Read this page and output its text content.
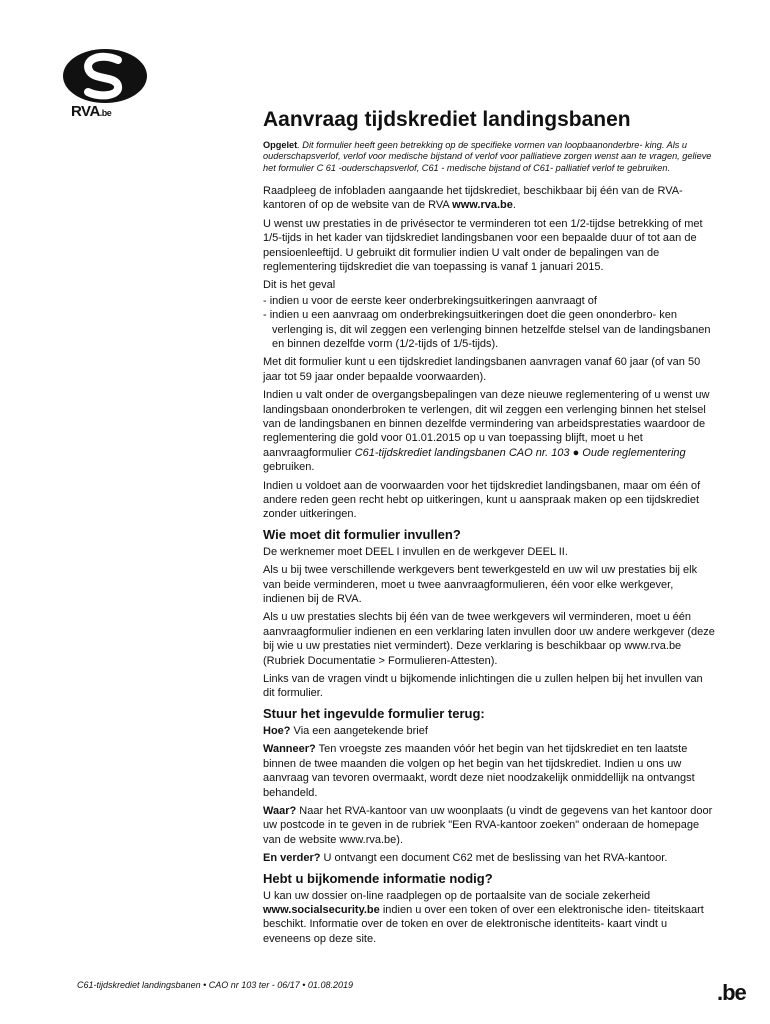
RVA.be	Aanvraag tijdskrediet landingsbanen

Opgelet. Dit formulier heeft geen betrekking op de specifieke vormen van loopbaanonderbre- king. Als u ouderschapsverlof, verlof voor medische bijstand of verlof voor palliatieve zorgen wenst aan te vragen, gelieve het formulier C 61 -ouderschapsverlof, C61 - medische bijstand of C61- palliatief verlof te gebruiken.

Raadpleeg de infobladen aangaande het tijdskrediet, beschikbaar bij één van de RVA-kantoren of op de website van de RVA www.rva.be.

U wenst uw prestaties in de privésector te verminderen tot een 1/2-tijdse betrekking of met 1/5-tijds in het kader van tijdskrediet landingsbanen voor een bepaalde duur of tot aan de pensioenleeftijd. U gebruikt dit formulier indien U valt onder de bepalingen van de reglementering tijdskrediet die van toepassing is vanaf 1 januari 2015.

Dit is het geval

- indien u voor de eerste keer onderbrekingsuitkeringen aanvraagt of
- indien u een aanvraag om onderbrekingsuitkeringen doet die geen ononderbro- ken verlenging is, dit wil zeggen een verlenging binnen hetzelfde stelsel van de landingsbanen en binnen dezelfde vorm (1/2-tijds of 1/5-tijds).

Met dit formulier kunt u een tijdskrediet landingsbanen aanvragen vanaf 60 jaar (of van 50 jaar tot 59 jaar onder bepaalde voorwaarden).

Indien u valt onder de overgangsbepalingen van deze nieuwe reglementering of u wenst uw landingsbaan ononderbroken te verlengen, dit wil zeggen een verlenging binnen het stelsel van de landingsbanen en binnen dezelfde vermindering van arbeidsprestaties waardoor de reglementering die gold voor 01.01.2015 op u van toepassing blijft, moet u het aanvraagformulier C61-tijdskrediet landingsbanen CAO nr. 103 ● Oude reglementering gebruiken.

Indien u voldoet aan de voorwaarden voor het tijdskrediet landingsbanen, maar om één of andere reden geen recht hebt op uitkeringen, kunt u aanspraak maken op een tijdskrediet zonder uitkeringen.

Wie moet dit formulier invullen?

De werknemer moet DEEL I invullen en de werkgever DEEL II.

Als u bij twee verschillende werkgevers bent tewerkgesteld en uw wil uw prestaties bij elk van beide verminderen, moet u twee aanvraagformulieren, één voor elke werkgever, indienen bij de RVA.

Als u uw prestaties slechts bij één van de twee werkgevers wil verminderen, moet u één aanvraagformulier indienen en een verklaring laten invullen door uw andere werkgever (deze bij wie u uw prestaties niet vermindert). Deze verklaring is beschikbaar op www.rva.be (Rubriek Documentatie > Formulieren-Attesten).

Links van de vragen vindt u bijkomende inlichtingen die u zullen helpen bij het invullen van dit formulier.

Stuur het ingevulde formulier terug:

Hoe? Via een aangetekende brief

Wanneer? Ten vroegste zes maanden vóór het begin van het tijdskrediet en ten laatste binnen de twee maanden die volgen op het begin van het tijdskrediet. Indien u ons uw aanvraag van tevoren overmaakt, wordt deze niet noodzakelijk onmiddellijk na ontvangst behandeld.

Waar? Naar het RVA-kantoor van uw woonplaats (u vindt de gegevens van het kantoor door uw postcode in te geven in de rubriek "Een RVA-kantoor zoeken" onderaan de homepage van de website www.rva.be).

En verder? U ontvangt een document C62 met de beslissing van het RVA-kantoor.

Hebt u bijkomende informatie nodig?

U kan uw dossier on-line raadplegen op de portaalsite van de sociale zekerheid www.socialsecurity.be indien u over een token of over een elektronische iden- titeitskaart beschikt. Informatie over de token en over de elektronische identiteits- kaart vindt u eveneens op deze site.

C61-tijdskrediet landingsbanen • CAO nr 103 ter - 06/17 • 01.08.2019	.be
